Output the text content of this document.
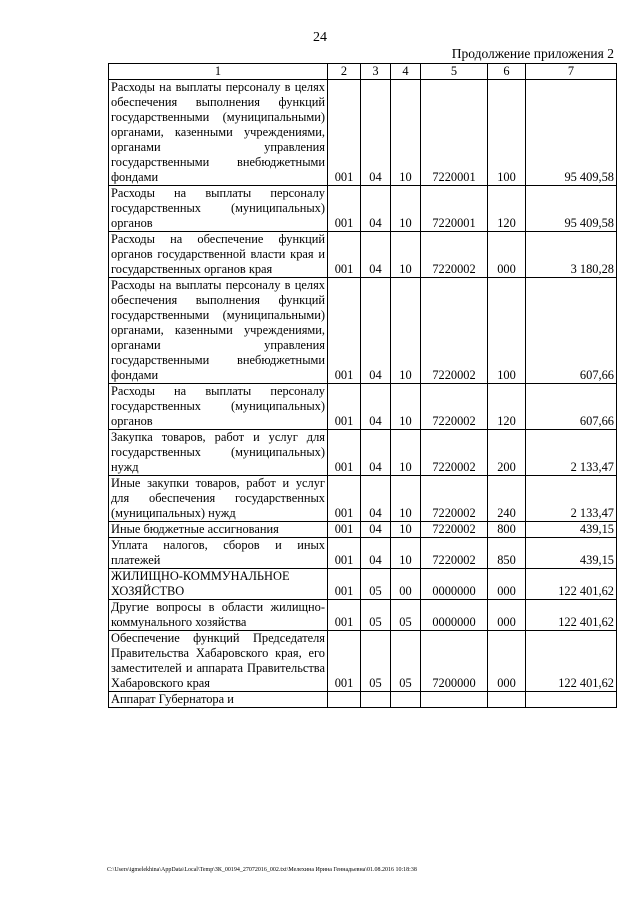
24
Продолжение приложения 2
1	2	3	4	5	6	7
Расходы на выплаты персоналу в целях обеспечения выполнения функций государственными (муниципальными) органами, казенными учреждениями, органами управления государственными внебюджетными фондами	001	04	10	7220001	100	95 409,58
Расходы на выплаты персоналу государственных (муниципальных) органов	001	04	10	7220001	120	95 409,58
Расходы на обеспечение функций органов государственной власти края и государственных органов края	001	04	10	7220002	000	3 180,28
Расходы на выплаты персоналу в целях обеспечения выполнения функций государственными (муниципальными) органами, казенными учреждениями, органами управления государственными внебюджетными фондами	001	04	10	7220002	100	607,66
Расходы на выплаты персоналу государственных (муниципальных) органов	001	04	10	7220002	120	607,66
Закупка товаров, работ и услуг для государственных (муниципальных) нужд	001	04	10	7220002	200	2 133,47
Иные закупки товаров, работ и услуг для обеспечения государственных (муниципальных) нужд	001	04	10	7220002	240	2 133,47
Иные бюджетные ассигнования	001	04	10	7220002	800	439,15
Уплата налогов, сборов и иных платежей	001	04	10	7220002	850	439,15
ЖИЛИЩНО-КОММУНАЛЬНОЕ ХОЗЯЙСТВО	001	05	00	0000000	000	122 401,62
Другие вопросы в области жилищно-коммунального хозяйства	001	05	05	0000000	000	122 401,62
Обеспечение функций Председателя Правительства Хабаровского края, его заместителей и аппарата Правительства Хабаровского края	001	05	05	7200000	000	122 401,62
Аппарат Губернатора и						
C:\Users\igmelekhina\AppData\Local\Temp\ЗК_00194_27072016_002.txt\Мелехина Ирина Геннадьевна\01.08.2016 10:18:38
